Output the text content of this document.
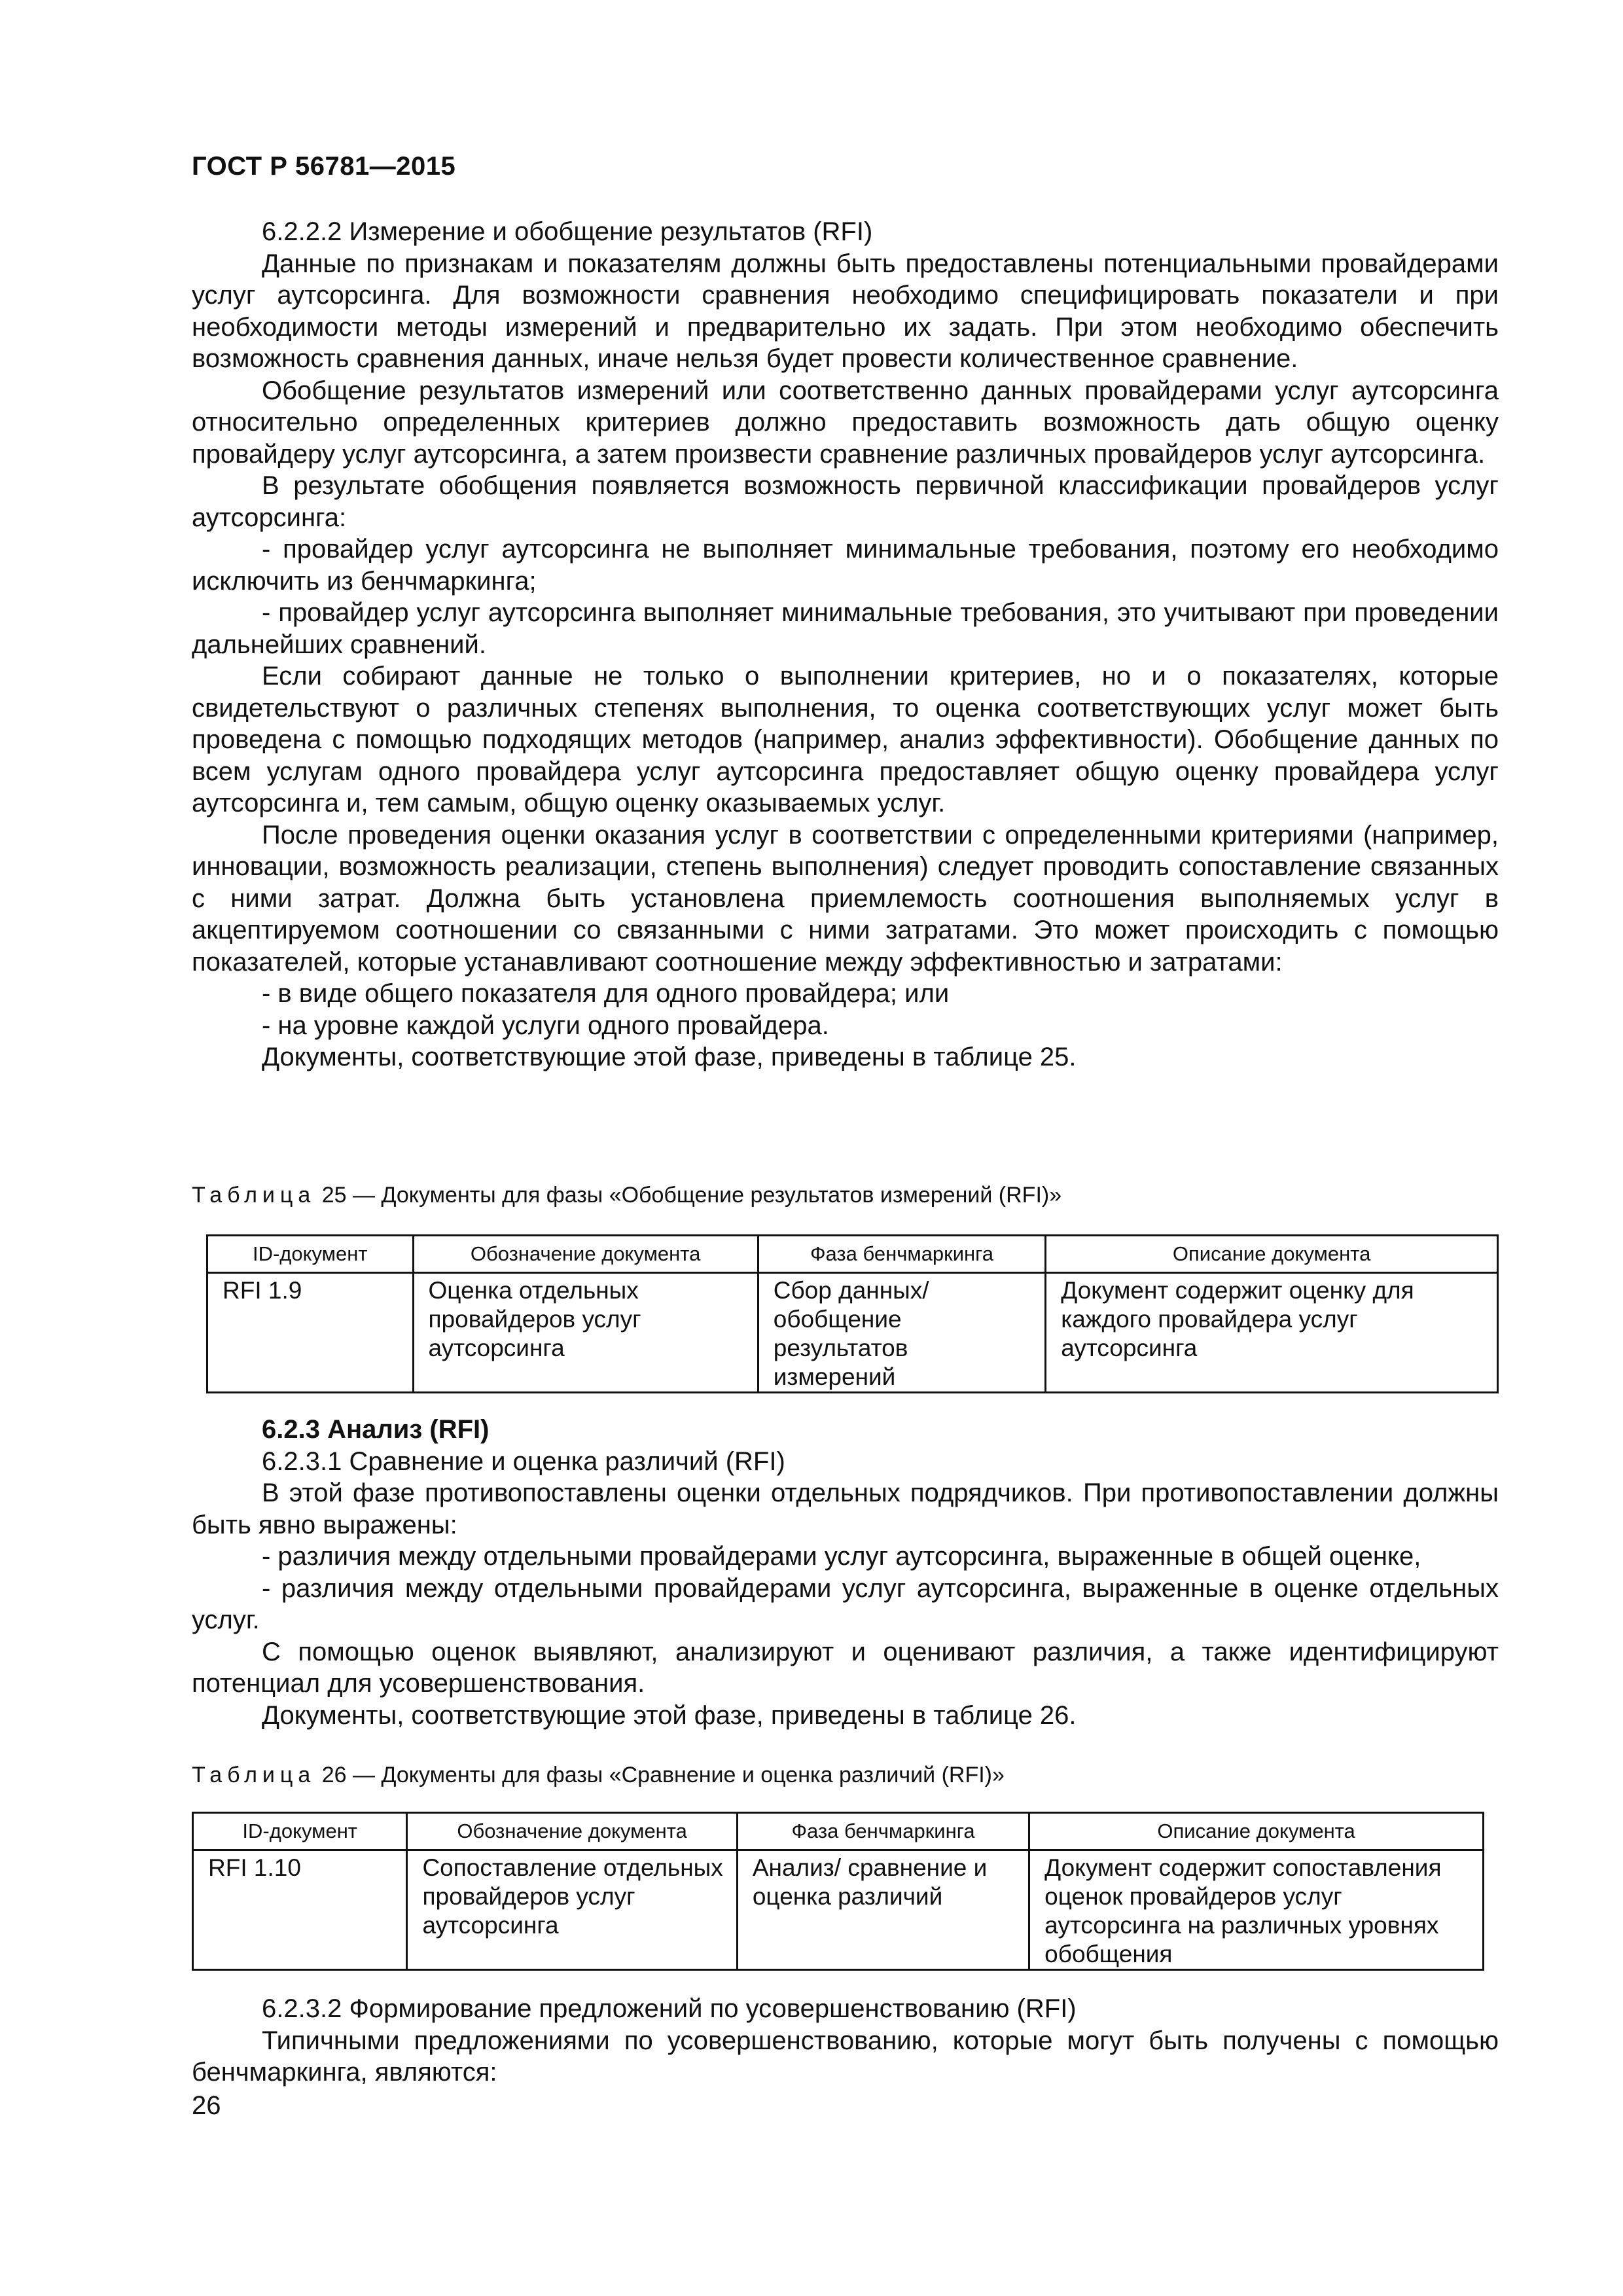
ГОСТ Р 56781—2015

6.2.2.2 Измерение и обобщение результатов (RFI)

Данные по признакам и показателям должны быть предоставлены потенциальными провайдерами услуг аутсорсинга. Для возможности сравнения необходимо специфицировать показатели и при необходимости методы измерений и предварительно их задать. При этом необходимо обеспечить возможность сравнения данных, иначе нельзя будет провести количественное сравнение.

Обобщение результатов измерений или соответственно данных провайдерами услуг аутсорсинга относительно определенных критериев должно предоставить возможность дать общую оценку провайдеру услуг аутсорсинга, а затем произвести сравнение различных провайдеров услуг аутсорсинга.

В результате обобщения появляется возможность первичной классификации провайдеров услуг аутсорсинга:

- провайдер услуг аутсорсинга не выполняет минимальные требования, поэтому его необходимо исключить из бенчмаркинга;

- провайдер услуг аутсорсинга выполняет минимальные требования, это учитывают при проведении дальнейших сравнений.

Если собирают данные не только о выполнении критериев, но и о показателях, которые свидетельствуют о различных степенях выполнения, то оценка соответствующих услуг может быть проведена с помощью подходящих методов (например, анализ эффективности). Обобщение данных по всем услугам одного провайдера услуг аутсорсинга предоставляет общую оценку провайдера услуг аутсорсинга и, тем самым, общую оценку оказываемых услуг.

После проведения оценки оказания услуг в соответствии с определенными критериями (например, инновации, возможность реализации, степень выполнения) следует проводить сопоставление связанных с ними затрат. Должна быть установлена приемлемость соотношения выполняемых услуг в акцептируемом соотношении со связанными с ними затратами. Это может происходить с помощью показателей, которые устанавливают соотношение между эффективностью и затратами:

- в виде общего показателя для одного провайдера; или

- на уровне каждой услуги одного провайдера.

Документы, соответствующие этой фазе, приведены в таблице 25.

Таблица 25 — Документы для фазы «Обобщение результатов измерений (RFI)»
ID-документ	Обозначение документа	Фаза бенчмаркинга	Описание документа
RFI 1.9	Оценка отдельных провайдеров услуг аутсорсинга	Сбор данных/ обобщение результатов измерений	Документ содержит оценку для каждого провайдера услуг аутсорсинга

6.2.3 Анализ (RFI)

6.2.3.1 Сравнение и оценка различий (RFI)

В этой фазе противопоставлены оценки отдельных подрядчиков. При противопоставлении должны быть явно выражены:

- различия между отдельными провайдерами услуг аутсорсинга, выраженные в общей оценке,

- различия между отдельными провайдерами услуг аутсорсинга, выраженные в оценке отдельных услуг.

С помощью оценок выявляют, анализируют и оценивают различия, а также идентифицируют потенциал для усовершенствования.

Документы, соответствующие этой фазе, приведены в таблице 26.

Таблица 26 — Документы для фазы «Сравнение и оценка различий (RFI)»
ID-документ	Обозначение документа	Фаза бенчмаркинга	Описание документа
RFI 1.10	Сопоставление отдельных провайдеров услуг аутсорсинга	Анализ/ сравнение и оценка различий	Документ содержит сопоставления оценок провайдеров услуг аутсорсинга на различных уровнях обобщения

6.2.3.2 Формирование предложений по усовершенствованию (RFI)

Типичными предложениями по усовершенствованию, которые могут быть получены с помощью бенчмаркинга, являются:

26
